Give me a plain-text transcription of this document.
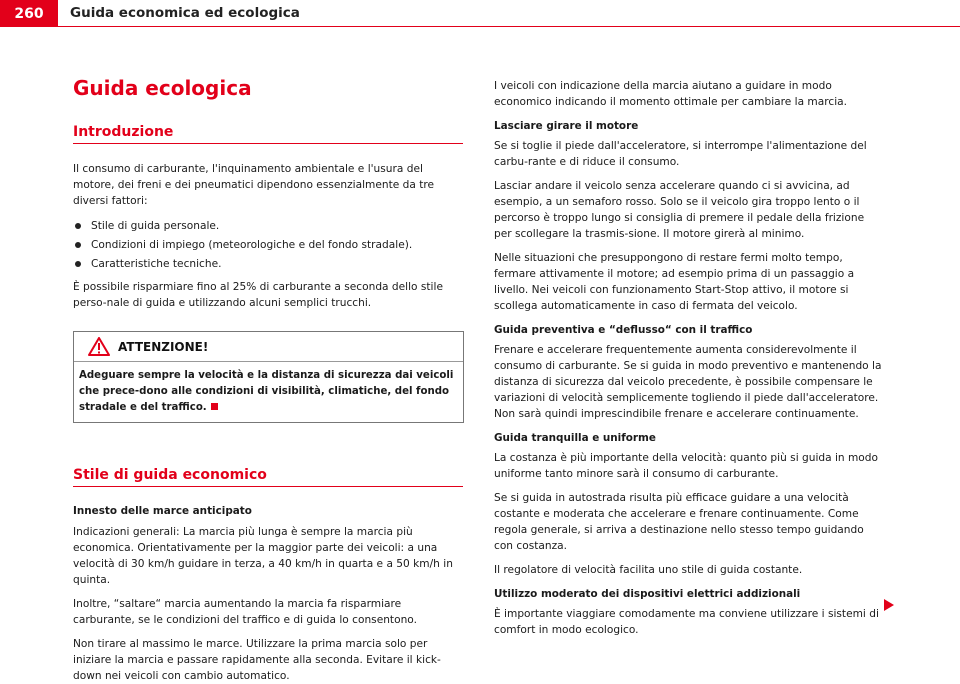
260	Guida economica ed ecologica
Guida ecologica
Introduzione

Il consumo di carburante, l'inquinamento ambientale e l'usura del motore, dei freni e dei pneumatici dipendono essenzialmente da tre diversi fattori:

Stile di guida personale.
Condizioni di impiego (meteorologiche e del fondo stradale).
Caratteristiche tecniche.

È possibile risparmiare fino al 25% di carburante a seconda dello stile perso-nale di guida e utilizzando alcuni semplici trucchi.

ATTENZIONE!
Adeguare sempre la velocità e la distanza di sicurezza dai veicoli che prece-dono alle condizioni di visibilità, climatiche, del fondo stradale e del traffico.
Stile di guida economico

Innesto delle marce anticipato

Indicazioni generali: La marcia più lunga è sempre la marcia più economica. Orientativamente per la maggior parte dei veicoli: a una velocità di 30 km/h guidare in terza, a 40 km/h in quarta e a 50 km/h in quinta.

Inoltre, “saltare“ marcia aumentando la marcia fa risparmiare carburante, se le condizioni del traffico e di guida lo consentono.

Non tirare al massimo le marce. Utilizzare la prima marcia solo per iniziare la marcia e passare rapidamente alla seconda. Evitare il kick-down nei veicoli con cambio automatico.

I veicoli con indicazione della marcia aiutano a guidare in modo economico indicando il momento ottimale per cambiare la marcia.

Lasciare girare il motore

Se si toglie il piede dall'acceleratore, si interrompe l'alimentazione del carbu-rante e di riduce il consumo.

Lasciar andare il veicolo senza accelerare quando ci si avvicina, ad esempio, a un semaforo rosso. Solo se il veicolo gira troppo lento o il percorso è troppo lungo si consiglia di premere il pedale della frizione per scollegare la trasmis-sione. Il motore girerà al minimo.

Nelle situazioni che presuppongono di restare fermi molto tempo, fermare attivamente il motore; ad esempio prima di un passaggio a livello. Nei veicoli con funzionamento Start-Stop attivo, il motore si scollega automaticamente in caso di fermata del veicolo.

Guida preventiva e “deflusso“ con il traffico

Frenare e accelerare frequentemente aumenta considerevolmente il consumo di carburante. Se si guida in modo preventivo e mantenendo la distanza di sicurezza dal veicolo precedente, è possibile compensare le variazioni di velocità semplicemente togliendo il piede dall'acceleratore. Non sarà quindi imprescindibile frenare e accelerare continuamente.

Guida tranquilla e uniforme

La costanza è più importante della velocità: quanto più si guida in modo uniforme tanto minore sarà il consumo di carburante.

Se si guida in autostrada risulta più efficace guidare a una velocità costante e moderata che accelerare e frenare continuamente. Come regola generale, si arriva a destinazione nello stesso tempo guidando con costanza.

Il regolatore di velocità facilita uno stile di guida costante.

Utilizzo moderato dei dispositivi elettrici addizionali

È importante viaggiare comodamente ma conviene utilizzare i sistemi di comfort in modo ecologico.
